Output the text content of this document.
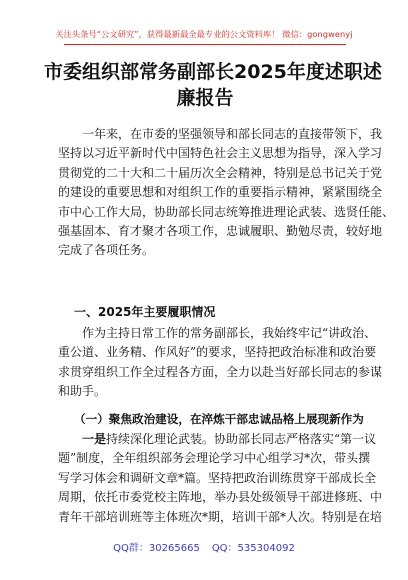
关注头条号“公文研究”，获得最新最全最专业的公文资料库！ 微信：gongwenyj
市委组织部常务副部长2025年度述职述
廉报告
一年来，在市委的坚强领导和部长同志的直接带领下，我
坚持以习近平新时代中国特色社会主义思想为指导，深入学习
贯彻党的二十大和二十届历次全会精神，特别是总书记关于党
的建设的重要思想和对组织工作的重要指示精神，紧紧围绕全
市中心工作大局，协助部长同志统筹推进理论武装、选贤任能、
强基固本、育才聚才各项工作，忠诚履职、勤勉尽责，较好地
完成了各项任务。
一、2025年主要履职情况
作为主持日常工作的常务副部长，我始终牢记“讲政治、
重公道、业务精、作风好”的要求，坚持把政治标准和政治要
求贯穿组织工作全过程各方面，全力以赴当好部长同志的参谋
和助手。
（一）聚焦政治建设，在淬炼干部忠诚品格上展现新作为
一是持续深化理论武装。协助部长同志严格落实“第一议
题”制度，全年组织部务会理论学习中心组学习*次，带头撰
写学习体会和调研文章*篇。坚持把政治训练贯穿干部成长全
周期，依托市委党校主阵地，举办县处级领导干部进修班、中
青年干部培训班等主体班次*期，培训干部*人次。特别是在培
QQ群：30265665 QQ：535304092
